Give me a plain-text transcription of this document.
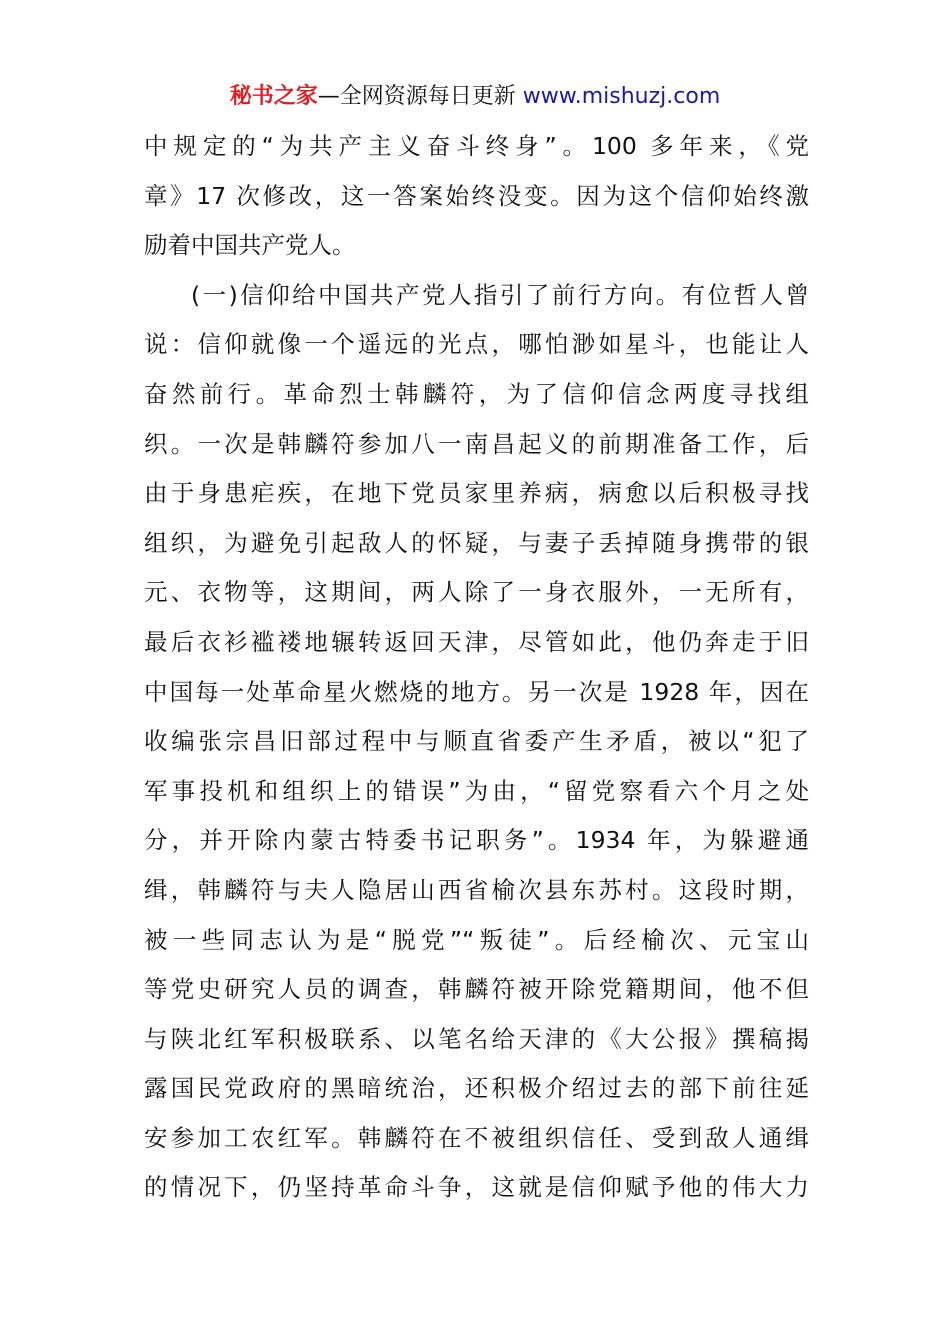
秘书之家—全网资源每日更新 www.mishuzj.com

中规定的“为共产主义奋斗终身”。100 多年来，《党
章》17 次修改，这一答案始终没变。因为这个信仰始终激
励着中国共产党人。

(一)信仰给中国共产党人指引了前行方向。有位哲人曾
说：信仰就像一个遥远的光点，哪怕渺如星斗，也能让人
奋然前行。革命烈士韩麟符，为了信仰信念两度寻找组
织。一次是韩麟符参加八一南昌起义的前期准备工作，后
由于身患疟疾，在地下党员家里养病，病愈以后积极寻找
组织，为避免引起敌人的怀疑，与妻子丢掉随身携带的银
元、衣物等，这期间，两人除了一身衣服外，一无所有，
最后衣衫褴褛地辗转返回天津，尽管如此，他仍奔走于旧
中国每一处革命星火燃烧的地方。另一次是 1928 年，因在
收编张宗昌旧部过程中与顺直省委产生矛盾，被以“犯了
军事投机和组织上的错误”为由，“留党察看六个月之处
分，并开除内蒙古特委书记职务”。1934 年，为躲避通
缉，韩麟符与夫人隐居山西省榆次县东苏村。这段时期，
被一些同志认为是“脱党”“叛徒”。后经榆次、元宝山
等党史研究人员的调查，韩麟符被开除党籍期间，他不但
与陕北红军积极联系、以笔名给天津的《大公报》撰稿揭
露国民党政府的黑暗统治，还积极介绍过去的部下前往延
安参加工农红军。韩麟符在不被组织信任、受到敌人通缉
的情况下，仍坚持革命斗争，这就是信仰赋予他的伟大力
